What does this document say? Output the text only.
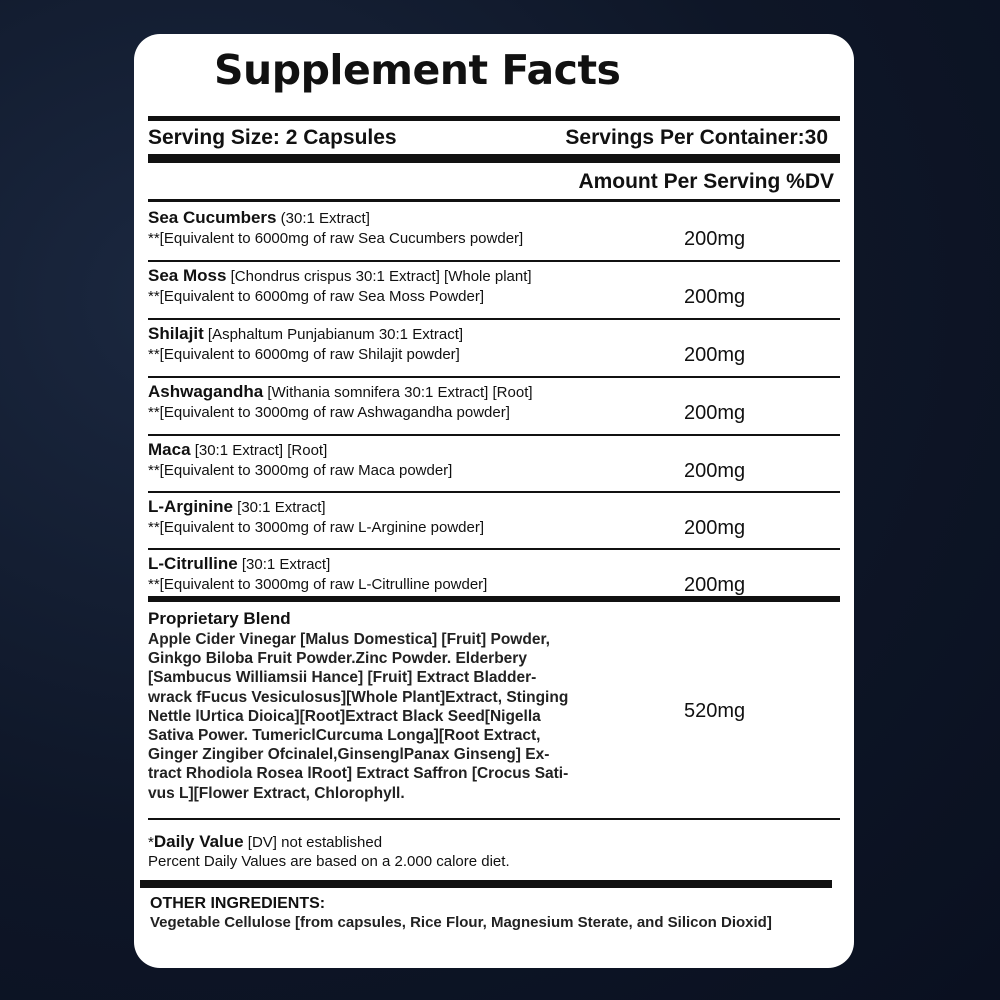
Supplement Facts
Serving Size: 2 Capsules	Servings Per Container:30
Amount Per Serving %DV
Sea Cucumbers (30:1 Extract]
**[Equivalent to 6000mg of raw Sea Cucumbers powder]	200mg
Sea Moss [Chondrus crispus 30:1 Extract] [Whole plant]
**[Equivalent to 6000mg of raw Sea Moss Powder]	200mg
Shilajit [Asphaltum Punjabianum 30:1 Extract]
**[Equivalent to 6000mg of raw Shilajit powder]	200mg
Ashwagandha [Withania somnifera 30:1 Extract] [Root]
**[Equivalent to 3000mg of raw Ashwagandha powder]	200mg
Maca [30:1 Extract] [Root]
**[Equivalent to 3000mg of raw Maca powder]	200mg
L-Arginine [30:1 Extract]
**[Equivalent to 3000mg of raw L-Arginine powder]	200mg
L-Citrulline [30:1 Extract]
**[Equivalent to 3000mg of raw L-Citrulline powder]	200mg
Proprietary Blend
Apple Cider Vinegar [Malus Domestica] [Fruit] Powder,
Ginkgo Biloba Fruit Powder.Zinc Powder. Elderbery
[Sambucus Williamsii Hance] [Fruit] Extract Bladder-
wrack fFucus Vesiculosus][Whole Plant]Extract, Stinging
Nettle lUrtica Dioica][Root]Extract Black Seed[Nigella
Sativa Power. TumericlCurcuma Longa][Root Extract,
Ginger Zingiber Ofcinalel,GinsenglPanax Ginseng] Ex-
tract Rhodiola Rosea lRoot] Extract Saffron [Crocus Sati-
vus L][Flower Extract, Chlorophyll.
520mg
*Daily Value [DV] not established
Percent Daily Values are based on a 2.000 calore diet.
OTHER INGREDIENTS:
Vegetable Cellulose [from capsules, Rice Flour, Magnesium Sterate, and Silicon Dioxid]
